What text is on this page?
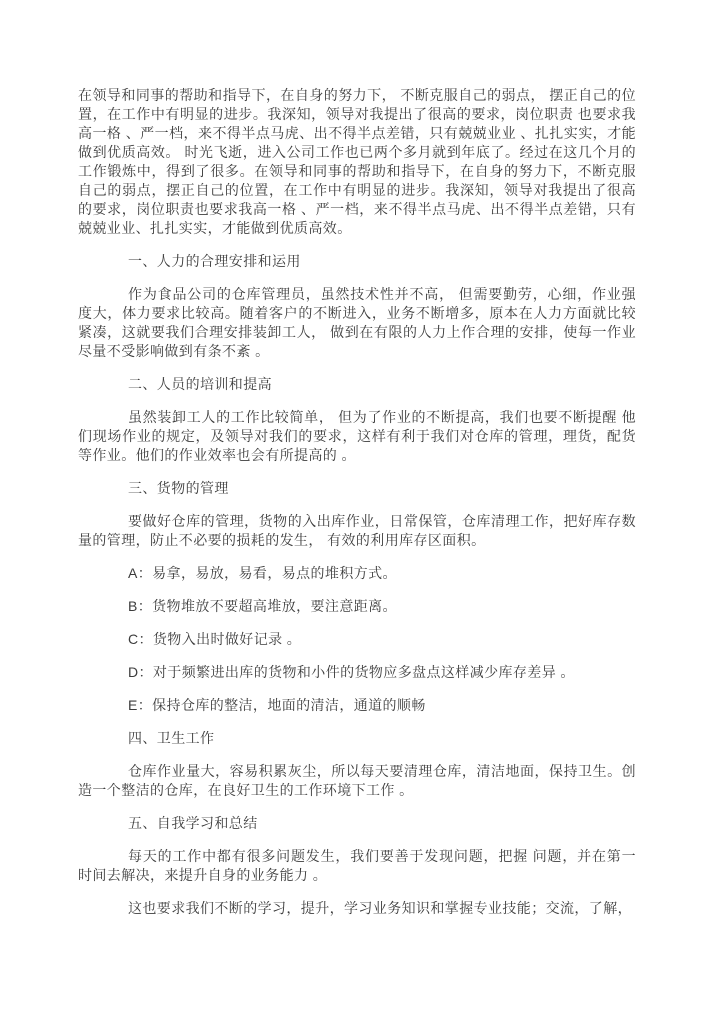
在领导和同事的帮助和指导下，在自身的努力下， 不断克服自己的弱点， 摆正自己的位置，在工作中有明显的进步。我深知，领导对我提出了很高的要求，岗位职责 也要求我高一格 、严一档，来不得半点马虎、出不得半点差错，只有兢兢业业 、扎扎实实，才能做到优质高效。 时光飞逝，进入公司工作也已两个多月就到年底了。经过在这几个月的工作锻炼中，得到了很多。在领导和同事的帮助和指导下，在自身的努力下，不断克服自己的弱点，摆正自己的位置，在工作中有明显的进步。我深知，领导对我提出了很高的要求，岗位职责也要求我高一格 、严一档，来不得半点马虎、出不得半点差错，只有兢兢业业、扎扎实实，才能做到优质高效。

一、人力的合理安排和运用

作为食品公司的仓库管理员，虽然技术性并不高， 但需要勤劳，心细，作业强度大，体力要求比较高。随着客户的不断进入，业务不断增多，原本在人力方面就比较紧凑，这就要我们合理安排装卸工人， 做到在有限的人力上作合理的安排，使每一作业尽量不受影响做到有条不紊 。

二、人员的培训和提高

虽然装卸工人的工作比较简单， 但为了作业的不断提高，我们也要不断提醒 他们现场作业的规定，及领导对我们的要求，这样有利于我们对仓库的管理，理货，配货等作业。他们的作业效率也会有所提高的 。

三、货物的管理

要做好仓库的管理，货物的入出库作业，日常保管，仓库清理工作，把好库存数量的管理，防止不必要的损耗的发生， 有效的利用库存区面积。

A：易拿，易放，易看，易点的堆积方式。

B：货物堆放不要超高堆放，要注意距离。

C：货物入出时做好记录 。

D：对于频繁进出库的货物和小件的货物应多盘点这样减少库存差异 。

E：保持仓库的整洁，地面的清洁，通道的顺畅

四、卫生工作

仓库作业量大，容易积累灰尘，所以每天要清理仓库，清洁地面，保持卫生。创造一个整洁的仓库，在良好卫生的工作环境下工作 。

五、自我学习和总结

每天的工作中都有很多问题发生，我们要善于发现问题，把握 问题，并在第一时间去解决，来提升自身的业务能力 。

这也要求我们不断的学习，提升，学习业务知识和掌握专业技能；交流，了解，
